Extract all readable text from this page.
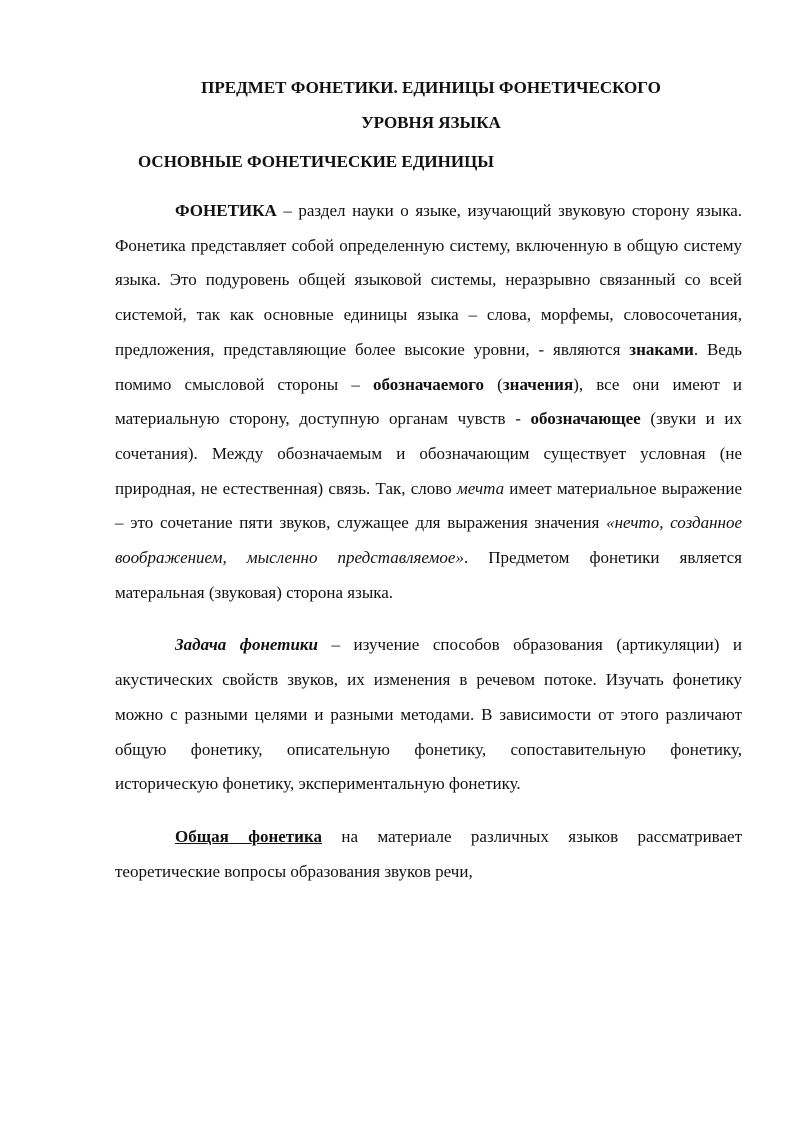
ПРЕДМЕТ ФОНЕТИКИ. ЕДИНИЦЫ ФОНЕТИЧЕСКОГО
УРОВНЯ ЯЗЫКА
ОСНОВНЫЕ ФОНЕТИЧЕСКИЕ ЕДИНИЦЫ

ФОНЕТИКА – раздел науки о языке, изучающий звуковую сторону языка. Фонетика представляет собой определенную систему, включенную в общую систему языка. Это подуровень общей языковой системы, неразрывно связанный со всей системой, так как основные единицы языка – слова, морфемы, словосочетания, предложения, представляющие более высокие уровни, - являются знаками. Ведь помимо смысловой стороны – обозначаемого (значения), все они имеют и материальную сторону, доступную органам чувств - обозначающее (звуки и их сочетания). Между обозначаемым и обозначающим существует условная (не природная, не естественная) связь. Так, слово мечта имеет материальное выражение – это сочетание пяти звуков, служащее для выражения значения «нечто, созданное воображением, мысленно представляемое». Предметом фонетики является матеральная (звуковая) сторона языка.

Задача фонетики – изучение способов образования (артикуляции) и акустических свойств звуков, их изменения в речевом потоке. Изучать фонетику можно с разными целями и разными методами. В зависимости от этого различают общую фонетику, описательную фонетику, сопоставительную фонетику, историческую фонетику, экспериментальную фонетику.

Общая фонетика на материале различных языков рассматривает теоретические вопросы образования звуков речи,
